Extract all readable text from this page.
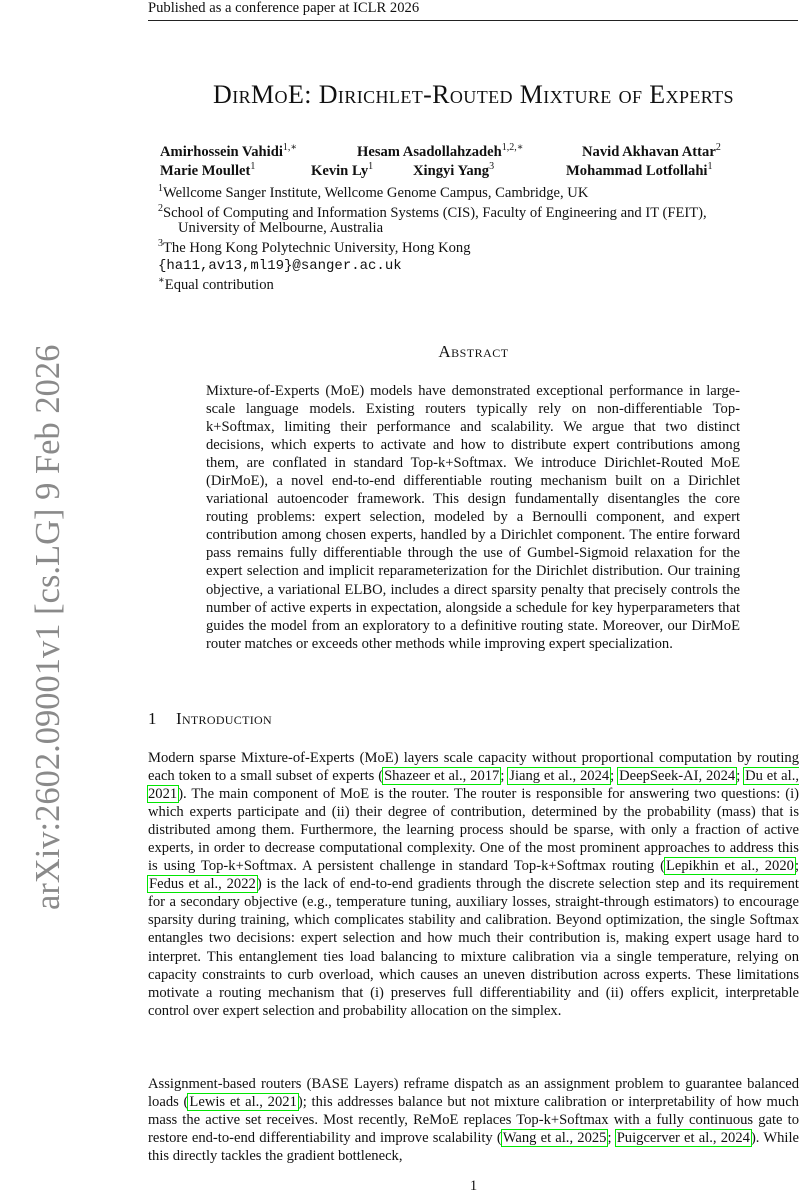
Published as a conference paper at ICLR 2026
arXiv:2602.09001v1 [cs.LG] 9 Feb 2026
DirMoE: Dirichlet-Routed Mixture of Experts
Amirhossein Vahidi$^{1,∗}$	Hesam Asadollahzadeh$^{1,2,∗}$	Navid Akhavan Attar$^2$
Marie Moullet$^1$	Kevin Ly$^1$	Xingyi Yang$^3$	Mohammad Lotfollahi$^1$
$^1$Wellcome Sanger Institute, Wellcome Genome Campus, Cambridge, UK
$^2$School of Computing and Information Systems (CIS), Faculty of Engineering and IT (FEIT),
University of Melbourne, Australia
$^3$The Hong Kong Polytechnic University, Hong Kong
{ha11,av13,ml19}@sanger.ac.uk
∗Equal contribution
Abstract
Mixture-of-Experts (MoE) models have demonstrated exceptional performance in large-scale language models. Existing routers typically rely on non-differentiable Top-k+Softmax, limiting their performance and scalability. We argue that two distinct decisions, which experts to activate and how to distribute expert contributions among them, are conflated in standard Top-k+Softmax. We introduce Dirichlet-Routed MoE (DirMoE), a novel end-to-end differentiable routing mechanism built on a Dirichlet variational autoencoder framework. This design fundamentally disentangles the core routing problems: expert selection, modeled by a Bernoulli component, and expert contribution among chosen experts, handled by a Dirichlet component. The entire forward pass remains fully differentiable through the use of Gumbel-Sigmoid relaxation for the expert selection and implicit reparameterization for the Dirichlet distribution. Our training objective, a variational ELBO, includes a direct sparsity penalty that precisely controls the number of active experts in expectation, alongside a schedule for key hyperparameters that guides the model from an exploratory to a definitive routing state. Moreover, our DirMoE router matches or exceeds other methods while improving expert specialization.
1 Introduction

Modern sparse Mixture-of-Experts (MoE) layers scale capacity without proportional computation by routing each token to a small subset of experts (Shazeer et al., 2017; Jiang et al., 2024; DeepSeek-AI, 2024; Du et al., 2021). The main component of MoE is the router. The router is responsible for answering two questions: (i) which experts participate and (ii) their degree of contribution, determined by the probability (mass) that is distributed among them. Furthermore, the learning process should be sparse, with only a fraction of active experts, in order to decrease computational complexity. One of the most prominent approaches to address this is using Top-k+Softmax. A persistent challenge in standard Top-k+Softmax routing (Lepikhin et al., 2020; Fedus et al., 2022) is the lack of end-to-end gradients through the discrete selection step and its requirement for a secondary objective (e.g., temperature tuning, auxiliary losses, straight-through estimators) to encourage sparsity during training, which complicates stability and calibration. Beyond optimization, the single Softmax entangles two decisions: expert selection and how much their contribution is, making expert usage hard to interpret. This entanglement ties load balancing to mixture calibration via a single temperature, relying on capacity constraints to curb overload, which causes an uneven distribution across experts. These limitations motivate a routing mechanism that (i) preserves full differentiability and (ii) offers explicit, interpretable control over expert selection and probability allocation on the simplex.

Assignment-based routers (BASE Layers) reframe dispatch as an assignment problem to guarantee balanced loads (Lewis et al., 2021); this addresses balance but not mixture calibration or interpretability of how much mass the active set receives. Most recently, ReMoE replaces Top-k+Softmax with a fully continuous gate to restore end-to-end differentiability and improve scalability (Wang et al., 2025; Puigcerver et al., 2024). While this directly tackles the gradient bottleneck,

1
